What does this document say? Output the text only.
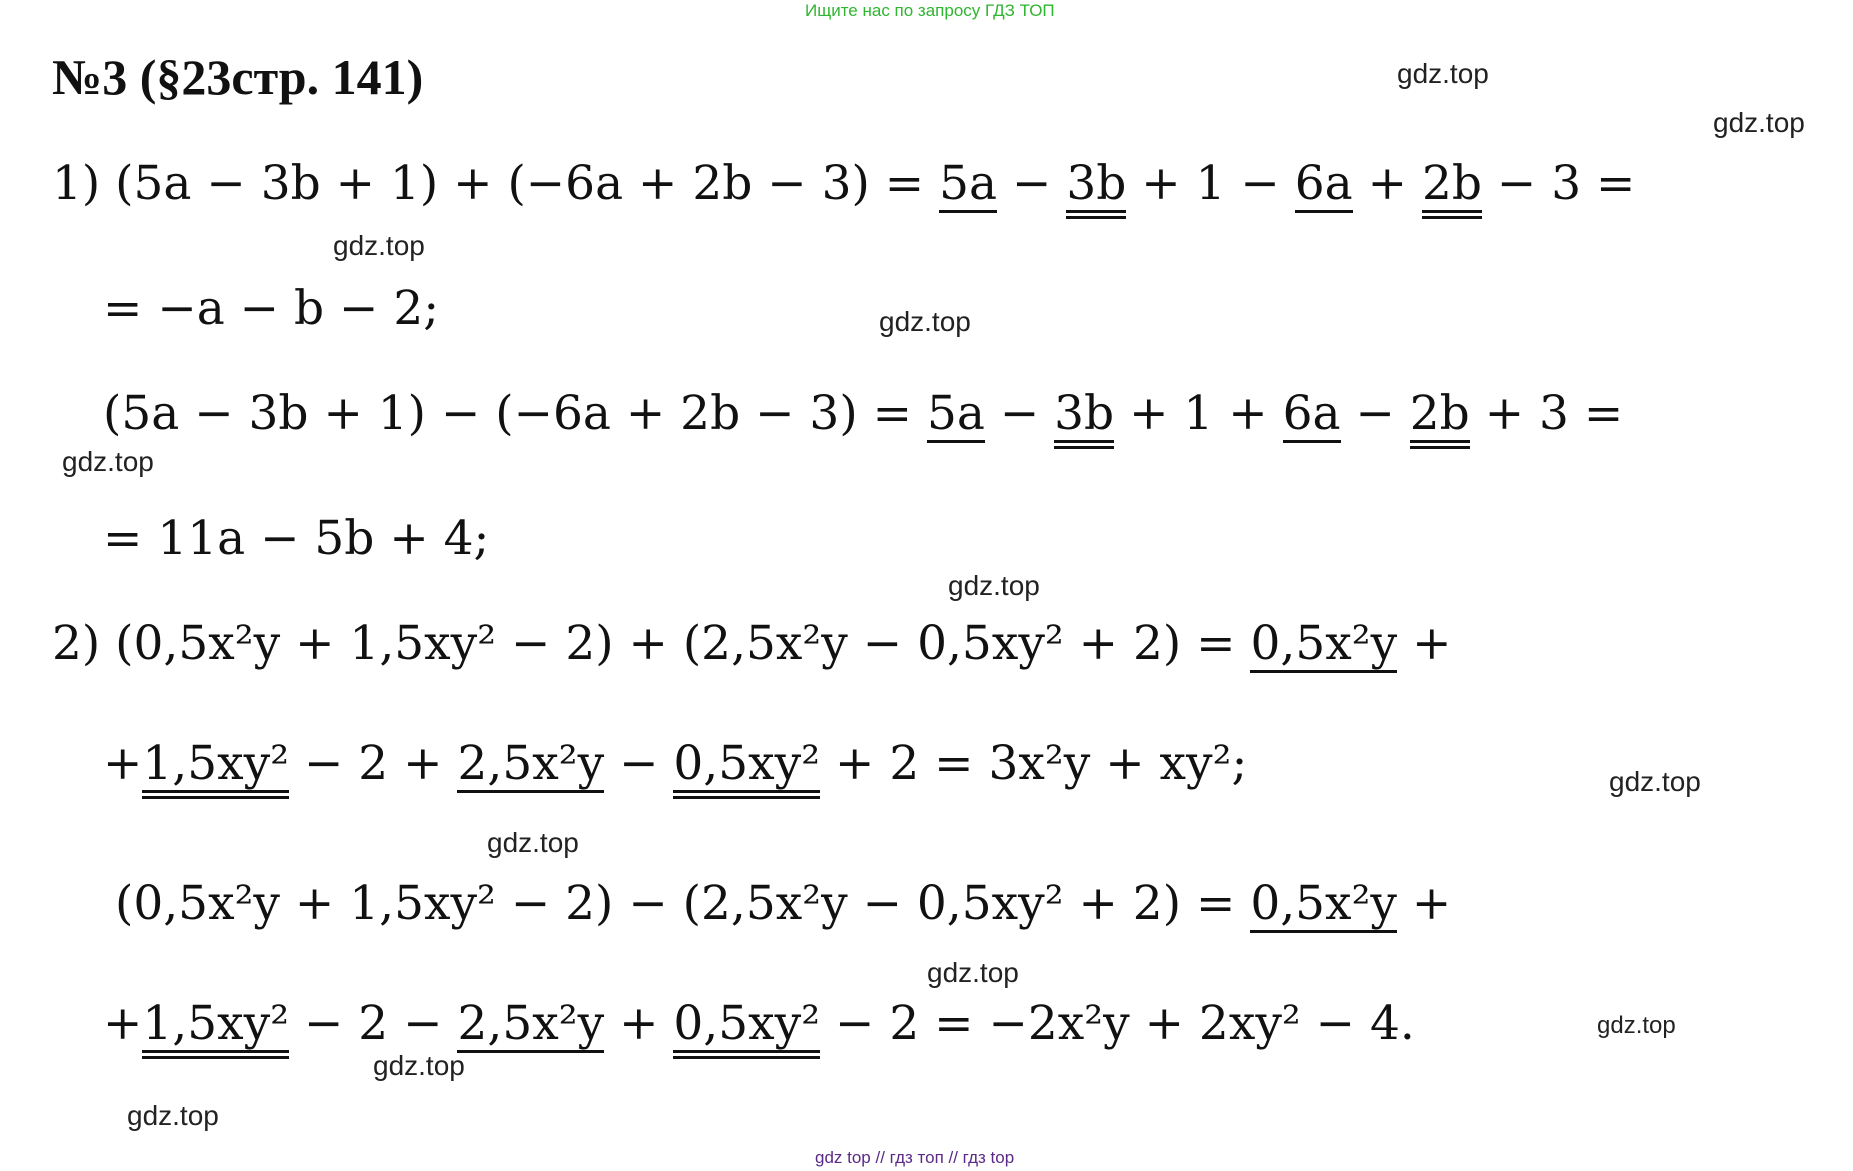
Ищите нас по запросу ГДЗ ТОП
№3 (§23стр. 141)	gdz.top
gdz.top
gdz.top
gdz.top
gdz.top
gdz.top
gdz.top
gdz.top
gdz.top
gdz.top
gdz.top
gdz.top
1) (5a − 3b + 1) + (−6a + 2b − 3) = 5a − 3b + 1 − 6a + 2b − 3 =
= −a − b − 2;
(5a − 3b + 1) − (−6a + 2b − 3) = 5a − 3b + 1 + 6a − 2b + 3 =
= 11a − 5b + 4;
2) (0,5x²y + 1,5xy² − 2) + (2,5x²y − 0,5xy² + 2) = 0,5x²y +
+1,5xy² − 2 + 2,5x²y − 0,5xy² + 2 = 3x²y + xy²;
(0,5x²y + 1,5xy² − 2) − (2,5x²y − 0,5xy² + 2) = 0,5x²y +
+1,5xy² − 2 − 2,5x²y + 0,5xy² − 2 = −2x²y + 2xy² − 4.
gdz top // гдз топ // гдз top
